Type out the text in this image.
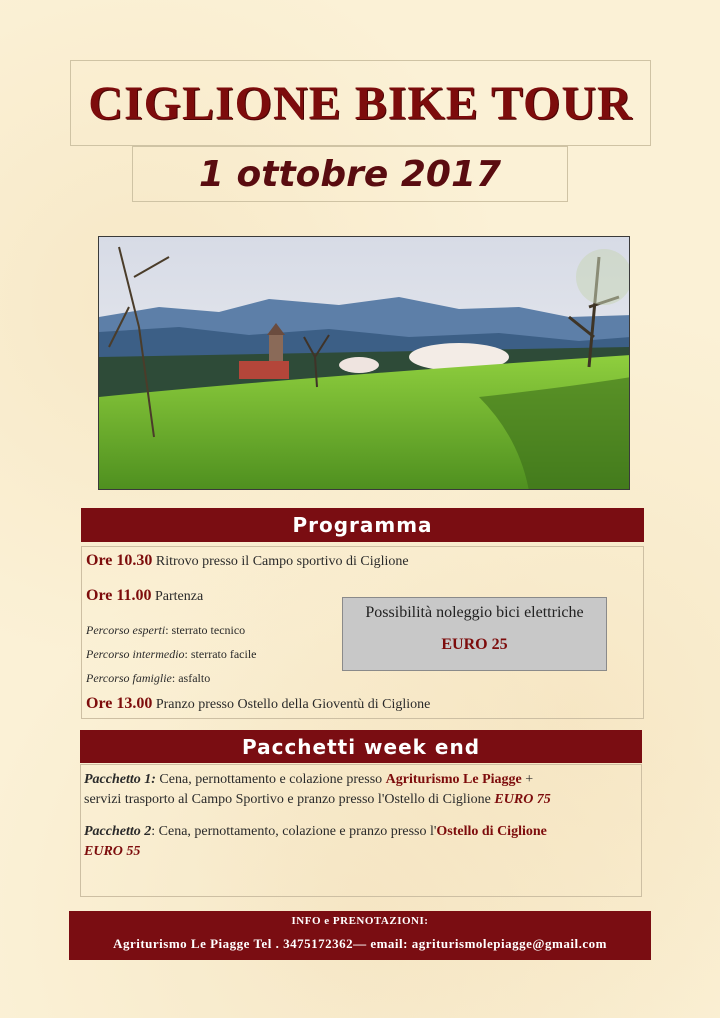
CIGLIONE BIKE TOUR
1 ottobre 2017
Programma
Ore 10.30 Ritrovo presso il Campo sportivo di Ciglione
Ore 11.00 Partenza
Percorso esperti: sterrato tecnico
Percorso intermedio: sterrato facile
Percorso famiglie: asfalto
Ore 13.00 Pranzo presso Ostello della Gioventù di Ciglione
Possibilità noleggio bici elettriche
EURO 25
Pacchetti week end
Pacchetto 1: Cena, pernottamento e colazione presso Agriturismo Le Piagge +
servizi trasporto al Campo Sportivo e pranzo presso l'Ostello di Ciglione EURO 75
Pacchetto 2: Cena, pernottamento, colazione e pranzo presso l'Ostello di Ciglione
EURO 55
INFO e PRENOTAZIONI:
Agriturismo Le Piagge Tel . 3475172362— email: agriturismolepiagge@gmail.com
